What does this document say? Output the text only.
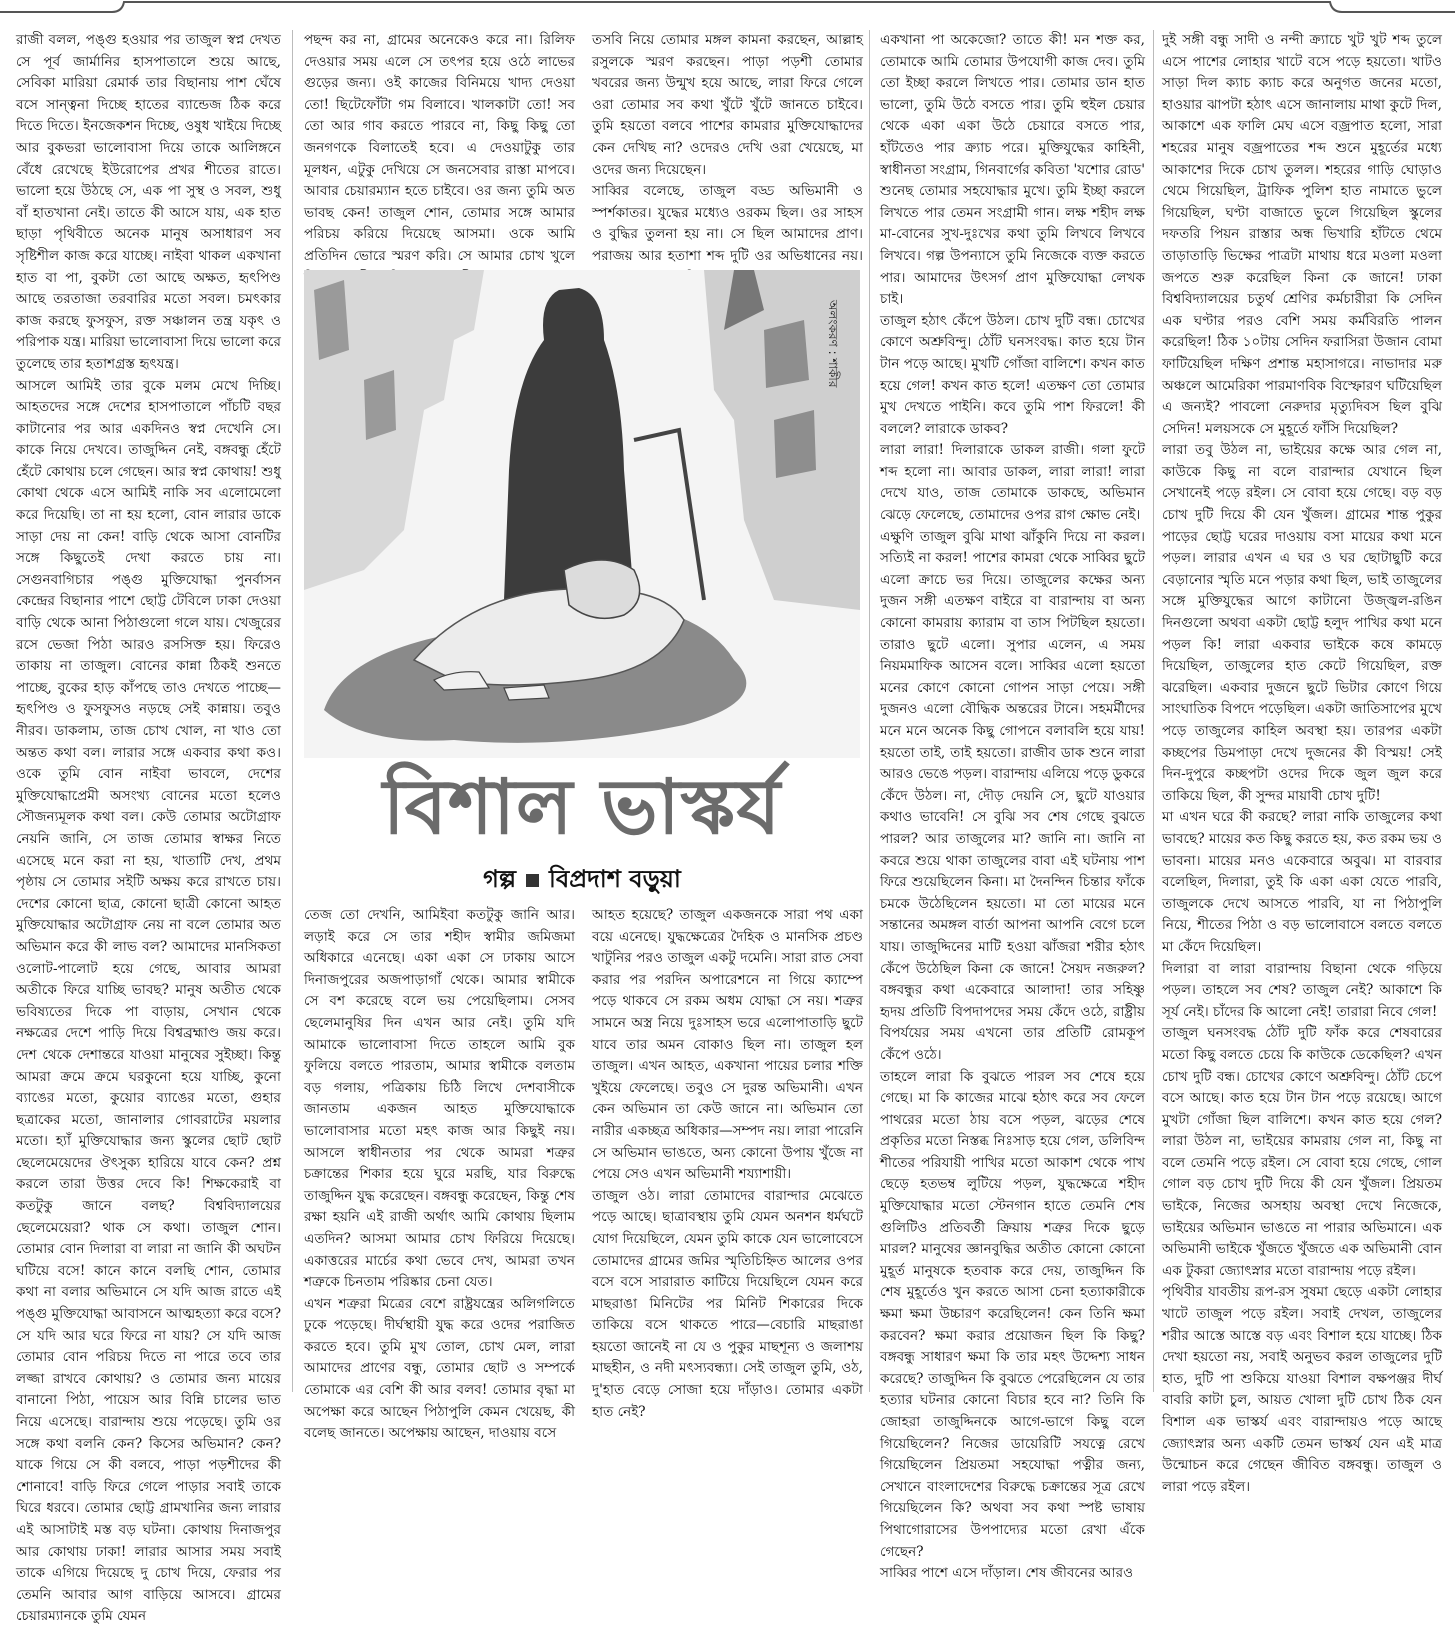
রাজী বলল, পঙ্গু হওয়ার পর তাজুল স্বপ্ন দেখত সে পূর্ব জার্মানির হাসপাতালে শুয়ে আছে, সেবিকা মারিয়া রেমার্ক তার বিছানায় পাশ ঘেঁষে বসে সান্ত্বনা দিচ্ছে হাতের ব্যান্ডেজ ঠিক করে দিতে দিতে। ইনজেকশন দিচ্ছে, ওষুধ খাইয়ে দিচ্ছে আর বুকভরা ভালোবাসা দিয়ে তাকে আলিঙ্গনে বেঁধে রেখেছে ইউরোপের প্রখর শীতের রাতে। ভালো হয়ে উঠছে সে, এক পা সুস্থ ও সবল, শুধু বাঁ হাতখানা নেই। তাতে কী আসে যায়, এক হাত ছাড়া পৃথিবীতে অনেক মানুষ অসাধারণ সব সৃষ্টিশীল কাজ করে যাচ্ছে। নাইবা থাকল একখানা হাত বা পা, বুকটা তো আছে অক্ষত, হৃৎপিণ্ড আছে তরতাজা তরবারির মতো সবল। চমৎকার কাজ করছে ফুসফুস, রক্ত সঞ্চালন তন্ত্র যকৃৎ ও পরিপাক যন্ত্র। মারিয়া ভালোবাসা দিয়ে ভালো করে তুলেছে তার হতাশগ্রস্ত হৃৎযন্ত্র।

আসলে আমিই তার বুকে মলম মেখে দিচ্ছি। আহতদের সঙ্গে দেশের হাসপাতালে পাঁচটি বছর কাটানোর পর আর একদিনও স্বপ্ন দেখেনি সে। কাকে নিয়ে দেখবে। তাজুদ্দিন নেই, বঙ্গবন্ধু হেঁটে হেঁটে কোথায় চলে গেছেন। আর স্বপ্ন কোথায়! শুধু কোথা থেকে এসে আমিই নাকি সব এলোমেলো করে দিয়েছি। তা না হয় হলো, বোন লারার ডাকে সাড়া দেয় না কেন! বাড়ি থেকে আসা বোনটির সঙ্গে কিছুতেই দেখা করতে চায় না। সেগুনবাগিচার পঙ্গু মুক্তিযোদ্ধা পুনর্বাসন কেন্দ্রের বিছানার পাশে ছোট্ট টেবিলে ঢাকা দেওয়া বাড়ি থেকে আনা পিঠাগুলো গলে যায়। খেজুরের রসে ভেজা পিঠা আরও রসসিক্ত হয়। ফিরেও তাকায় না তাজুল। বোনের কান্না ঠিকই শুনতে পাচ্ছে, বুকের হাড় কাঁপছে তাও দেখতে পাচ্ছে—হৃৎপিণ্ড ও ফুসফুসও নড়ছে সেই কান্নায়। তবুও নীরব। ডাকলাম, তাজ চোখ খোল, না খাও তো অন্তত কথা বল। লারার সঙ্গে একবার কথা কও। ওকে তুমি বোন নাইবা ভাবলে, দেশের মুক্তিযোদ্ধাপ্রেমী অসংখ্য বোনের মতো হলেও সৌজন্যমূলক কথা বল। কেউ তোমার অটোগ্রাফ নেয়নি জানি, সে তাজ তোমার স্বাক্ষর নিতে এসেছে মনে করা না হয়, খাতাটি দেখ, প্রথম পৃষ্ঠায় সে তোমার সইটি অক্ষয় করে রাখতে চায়। দেশের কোনো ছাত্র, কোনো ছাত্রী কোনো আহত মুক্তিযোদ্ধার অটোগ্রাফ নেয় না বলে তোমার অত অভিমান করে কী লাভ বল? আমাদের মানসিকতা ওলোট-পালোট হয়ে গেছে, আবার আমরা অতীকে ফিরে যাচ্ছি ভাবছ? মানুষ অতীত থেকে ভবিষ্যতের দিকে পা বাড়ায়, সেখান থেকে নক্ষত্রের দেশে পাড়ি দিয়ে বিশ্বব্রহ্মাণ্ড জয় করে। দেশ থেকে দেশান্তরে যাওয়া মানুষের সুইচ্ছা। কিন্তু আমরা ক্রমে ক্রমে ঘরকুনো হয়ে যাচ্ছি, কুনো ব্যাঙের মতো, কুয়োর ব্যাঙের মতো, গুহার ছত্রাকের মতো, জানালার গোবরাটের ময়লার মতো। হ্যাঁ মুক্তিযোদ্ধার জন্য স্কুলের ছোট ছোট ছেলেমেয়েদের ঔৎসুক্য হারিয়ে যাবে কেন? প্রশ্ন করলে তারা উত্তর দেবে কি! শিক্ষকেরাই বা কতটুকু জানে বলছ? বিশ্ববিদ্যালয়ের ছেলেমেয়েরা? থাক সে কথা। তাজুল শোন। তোমার বোন দিলারা বা লারা না জানি কী অঘটন ঘটিয়ে বসে! কানে কানে বলছি শোন, তোমার কথা না বলার অভিমানে সে যদি আজ রাতে এই পঙ্গু মুক্তিযোদ্ধা আবাসনে আত্মহত্যা করে বসে? সে যদি আর ঘরে ফিরে না যায়? সে যদি আজ তোমার বোন পরিচয় দিতে না পারে তবে তার লজ্জা রাখবে কোথায়? ও তোমার জন্য মায়ের বানানো পিঠা, পায়েস আর বিন্নি চালের ভাত নিয়ে এসেছে। বারান্দায় শুয়ে পড়েছে। তুমি ওর সঙ্গে কথা বলনি কেন? কিসের অভিমান? কেন? যাকে গিয়ে সে কী বলবে, পাড়া পড়শীদের কী শোনাবে! বাড়ি ফিরে গেলে পাড়ার সবাই তাকে ঘিরে ধরবে। তোমার ছোট্ট গ্রামখানির জন্য লারার এই আসাটাই মস্ত বড় ঘটনা। কোথায় দিনাজপুর আর কোথায় ঢাকা! লারার আসার সময় সবাই তাকে এগিয়ে দিয়েছে দু চোখ দিয়ে, ফেরার পর তেমনি আবার আগ বাড়িয়ে আসবে। গ্রামের চেয়ারম্যানকে তুমি যেমন

পছন্দ কর না, গ্রামের অনেকেও করে না। রিলিফ দেওয়ার সময় এলে সে তৎপর হয়ে ওঠে লাভের গুড়ের জন্য। ওই কাজের বিনিময়ে খাদ্য দেওয়া তো! ছিটেফোঁটা গম বিলাবে। খালকাটা তো! সব তো আর গাব করতে পারবে না, কিছু কিছু তো জনগণকে বিলাতেই হবে। এ দেওয়াটুকু তার মূলধন, এটুকু দেখিয়ে সে জনসেবার রাস্তা মাপবে। আবার চেয়ারম্যান হতে চাইবে। ওর জন্য তুমি অত ভাবছ কেন! তাজুল শোন, তোমার সঙ্গে আমার পরিচয় করিয়ে দিয়েছে আসমা। ওকে আমি প্রতিদিন ভোরে স্মরণ করি। সে আমার চোখ খুলে

তসবি নিয়ে তোমার মঙ্গল কামনা করছেন, আল্লাহ রসুলকে স্মরণ করছেন। পাড়া পড়শী তোমার খবরের জন্য উন্মুখ হয়ে আছে, লারা ফিরে গেলে ওরা তোমার সব কথা খুঁটে খুঁটে জানতে চাইবে। তুমি হয়তো বলবে পাশের কামরার মুক্তিযোদ্ধাদের কেন দেখিছ না? ওদেরও দেখি ওরা খেয়েছে, মা ওদের জন্য দিয়েছেন।

সাব্বির বলেছে, তাজুল বড্ড অভিমানী ও স্পর্শকাতর। যুদ্ধের মধ্যেও ওরকম ছিল। ওর সাহস ও বুদ্ধির তুলনা হয় না। সে ছিল আমাদের প্রাণ। পরাজয় আর হতাশা শব্দ দুটি ওর অভিধানের নয়।

অলংকরণ : শাকীর
বিশাল ভাস্কর্য
গল্প বিপ্রদাশ বড়ুয়া

তেজ তো দেখনি, আমিইবা কতটুকু জানি আর। লড়াই করে সে তার শহীদ স্বামীর জমিজমা অধিকারে এনেছে। একা একা সে ঢাকায় আসে দিনাজপুরের অজপাড়াগাঁ থেকে। আমার স্বামীকে সে বশ করেছে বলে ভয় পেয়েছিলাম। সেসব ছেলেমানুষির দিন এখন আর নেই। তুমি যদি আমাকে ভালোবাসা দিতে তাহলে আমি বুক ফুলিয়ে বলতে পারতাম, আমার স্বামীকে বলতাম বড় গলায়, পত্রিকায় চিঠি লিখে দেশবাসীকে জানতাম একজন আহত মুক্তিযোদ্ধাকে ভালোবাসার মতো মহৎ কাজ আর কিছুই নয়। আসলে স্বাধীনতার পর থেকে আমরা শত্রুর চক্রান্তের শিকার হয়ে ঘুরে মরছি, যার বিরুদ্ধে তাজুদ্দিন যুদ্ধ করেছেন। বঙ্গবন্ধু করেছেন, কিন্তু শেষ রক্ষা হয়নি এই রাজী অর্থাৎ আমি কোথায় ছিলাম এতদিন? আসমা আমার চোখ ফিরিয়ে দিয়েছে। একাত্তরের মার্চের কথা ভেবে দেখ, আমরা তখন শত্রুকে চিনতাম পরিষ্কার চেনা যেত।

এখন শত্রুরা মিত্রের বেশে রাষ্ট্রযন্ত্রের অলিগলিতে ঢুকে পড়েছে। দীর্ঘস্থায়ী যুদ্ধ করে ওদের পরাজিত করতে হবে। তুমি মুখ তোল, চোখ মেল, লারা আমাদের প্রাণের বন্ধু, তোমার ছোট ও সম্পর্কে তোমাকে এর বেশি কী আর বলব! তোমার বৃদ্ধা মা অপেক্ষা করে আছেন পিঠাপুলি কেমন খেয়েছ, কী বলেছ জানতে। অপেক্ষায় আছেন, দাওয়ায় বসে

আহত হয়েছে? তাজুল একজনকে সারা পথ একা বয়ে এনেছে। যুদ্ধক্ষেত্রের দৈহিক ও মানসিক প্রচণ্ড খাটুনির পরও তাজুল একটু দমেনি। সারা রাত সেবা করার পর পরদিন অপারেশনে না গিয়ে ক্যাম্পে পড়ে থাকবে সে রকম অধম যোদ্ধা সে নয়। শত্রুর সামনে অস্ত্র নিয়ে দুঃসাহস ভরে এলোপাতাড়ি ছুটে যাবে তার অমন বোকাও ছিল না। তাজুল হল তাজুল। এখন আহত, একখানা পায়ের চলার শক্তি খুইয়ে ফেলেছে। তবুও সে দুরন্ত অভিমানী। এখন কেন অভিমান তা কেউ জানে না। অভিমান তো নারীর একচ্ছত্র অধিকার—সম্পদ নয়। লারা পারেনি সে অভিমান ভাঙতে, অন্য কোনো উপায় খুঁজে না পেয়ে সেও এখন অভিমানী শয্যাশায়ী।

তাজুল ওঠ। লারা তোমাদের বারান্দার মেঝেতে পড়ে আছে। ছাত্রাবস্থায় তুমি যেমন অনশন ধর্মঘটে যোগ দিয়েছিলে, যেমন তুমি কাকে যেন ভালোবেসে তোমাদের গ্রামের জমির স্মৃতিচিহ্নিত আলের ওপর বসে বসে সারারাত কাটিয়ে দিয়েছিলে যেমন করে মাছরাঙা মিনিটের পর মিনিট শিকারের দিকে তাকিয়ে বসে থাকতে পারে—বেচারি মাছরাঙা হয়তো জানেই না যে ও পুকুর মাছশূন্য ও জলাশয় মাছহীন, ও নদী মৎস্যবন্ধ্যা। সেই তাজুল তুমি, ওঠ, দু'হাত বেড়ে সোজা হয়ে দাঁড়াও। তোমার একটা হাত নেই?

একখানা পা অকেজো? তাতে কী! মন শক্ত কর, তোমাকে আমি তোমার উপযোগী কাজ দেব। তুমি তো ইচ্ছা করলে লিখতে পার। তোমার ডান হাত ভালো, তুমি উঠে বসতে পার। তুমি হুইল চেয়ার থেকে একা একা উঠে চেয়ারে বসতে পার, হাঁটতেও পার ক্র্যাচ পরে। মুক্তিযুদ্ধের কাহিনী, স্বাধীনতা সংগ্রাম, গিনবার্গের কবিতা 'যশোর রোড' শুনেছ তোমার সহযোদ্ধার মুখে। তুমি ইচ্ছা করলে লিখতে পার তেমন সংগ্রামী গান। লক্ষ শহীদ লক্ষ মা-বোনের সুখ-দুঃখের কথা তুমি লিখবে লিখবে লিখবে। গল্প উপন্যাসে তুমি নিজেকে ব্যক্ত করতে পার। আমাদের উৎসর্গ প্রাণ মুক্তিযোদ্ধা লেখক চাই।

তাজুল হঠাৎ কেঁপে উঠল। চোখ দুটি বন্ধ। চোখের কোণে অশ্রুবিন্দু। ঠোঁট ঘনসংবদ্ধ। কাত হয়ে টান টান পড়ে আছে। মুখটি গোঁজা বালিশে। কখন কাত হয়ে গেল! কখন কাত হলে! এতক্ষণ তো তোমার মুখ দেখতে পাইনি। কবে তুমি পাশ ফিরলে! কী বললে? লারাকে ডাকব?

লারা লারা! দিলারাকে ডাকল রাজী। গলা ফুটে শব্দ হলো না। আবার ডাকল, লারা লারা! লারা দেখে যাও, তাজ তোমাকে ডাকছে, অভিমান ঝেড়ে ফেলেছে, তোমাদের ওপর রাগ ক্ষোভ নেই।

এক্ষুণি তাজুল বুঝি মাথা ঝাঁকুনি দিয়ে না করল। সত্যিই না করল! পাশের কামরা থেকে সাব্বির ছুটে এলো ক্রাচে ভর দিয়ে। তাজুলের কক্ষের অন্য দুজন সঙ্গী এতক্ষণ বাইরে বা বারান্দায় বা অন্য কোনো কামরায় ক্যারাম বা তাস পিটছিল হয়তো। তারাও ছুটে এলো। সুপার এলেন, এ সময় নিয়মমাফিক আসেন বলে। সাব্বির এলো হয়তো মনের কোণে কোনো গোপন সাড়া পেয়ে। সঙ্গী দুজনও এলো বৌদ্ধিক অন্তরের টানে। সহমর্মীদের মনে মনে অনেক কিছু গোপনে বলাবলি হয়ে যায়! হয়তো তাই, তাই হয়তো। রাজীব ডাক শুনে লারা আরও ভেঙে পড়ল। বারান্দায় এলিয়ে পড়ে ডুকরে কেঁদে উঠল। না, দৌড় দেয়নি সে, ছুটে যাওয়ার কথাও ভাবেনি! সে বুঝি সব শেষ গেছে বুঝতে পারল? আর তাজুলের মা? জানি না। জানি না কবরে শুয়ে থাকা তাজুলের বাবা এই ঘটনায় পাশ ফিরে শুয়েছিলেন কিনা। মা দৈনন্দিন চিন্তার ফাঁকে চমকে উঠেছিলেন হয়তো। মা তো মায়ের মনে সন্তানের অমঙ্গল বার্তা আপনা আপনি বেগে চলে যায়। তাজুদ্দিনের মাটি হওয়া ঝাঁজরা শরীর হঠাৎ কেঁপে উঠেছিল কিনা কে জানে! সৈয়দ নজরুল? বঙ্গবন্ধুর কথা একেবারে আলাদা! তার সহিষ্ণু হৃদয় প্রতিটি বিপদাপদের সময় কেঁদে ওঠে, রাষ্ট্রীয় বিপর্যয়ের সময় এখনো তার প্রতিটি রোমকূপ কেঁপে ওঠে।

তাহলে লারা কি বুঝতে পারল সব শেষে হয়ে গেছে। মা কি কাজের মাঝে হঠাৎ করে সব ফেলে পাথরের মতো ঠায় বসে পড়ল, ঝড়ের শেষে প্রকৃতির মতো নিস্তব্ধ নিঃসাড় হয়ে গেল, ডলিবিন্দ শীতের পরিযায়ী পাখির মতো আকাশ থেকে পাখ ছেড়ে হতভম্ব লুটিয়ে পড়ল, যুদ্ধক্ষেত্রে শহীদ মুক্তিযোদ্ধার মতো স্টেনগান হাতে তেমনি শেষ গুলিটিও প্রতিবর্তী ক্রিয়ায় শত্রুর দিকে ছুড়ে মারল? মানুষের জ্ঞানবুদ্ধির অতীত কোনো কোনো মুহূর্ত মানুষকে হতবাক করে দেয়, তাজুদ্দিন কি শেষ মুহূর্তেও খুন করতে আসা চেনা হত্যাকারীকে ক্ষমা ক্ষমা উচ্চারণ করেছিলেন! কেন তিনি ক্ষমা করবেন? ক্ষমা করার প্রয়োজন ছিল কি কিছু? বঙ্গবন্ধু সাধারণ ক্ষমা কি তার মহৎ উদ্দেশ্য সাধন করেছে? তাজুদ্দিন কি বুঝতে পেরেছিলেন যে তার হত্যার ঘটনার কোনো বিচার হবে না? তিনি কি জোহরা তাজুদ্দিনকে আগে-ভাগে কিছু বলে গিয়েছিলেন? নিজের ডায়েরিটি সযত্নে রেখে গিয়েছিলেন প্রিয়তমা সহযোদ্ধা পত্নীর জন্য, সেখানে বাংলাদেশের বিরুদ্ধে চক্রান্তের সূত্র রেখে গিয়েছিলেন কি? অথবা সব কথা স্পষ্ট ভাষায় পিথাগোরাসের উপপাদ্যের মতো রেখা এঁকে গেছেন?

সাব্বির পাশে এসে দাঁড়াল। শেষ জীবনের আরও

দুই সঙ্গী বন্ধু সাদী ও নন্দী ক্র্যাচে খুট খুট শব্দ তুলে এসে পাশের লোহার খাটে বসে পড়ে হয়তো। খাটও সাড়া দিল ক্যাচ ক্যাচ করে অনুগত জনের মতো, হাওয়ার ঝাপটা হঠাৎ এসে জানালায় মাথা কুটে দিল, আকাশে এক ফালি মেঘ এসে বজ্রপাত হলো, সারা শহরের মানুষ বজ্রপাতের শব্দ শুনে মুহূর্তের মধ্যে আকাশের দিকে চোখ তুলল। শহরের গাড়ি ঘোড়াও থেমে গিয়েছিল, ট্রাফিক পুলিশ হাত নামাতে ভুলে গিয়েছিল, ঘণ্টা বাজাতে ভুলে গিয়েছিল স্কুলের দফতরি পিয়ন রাস্তার অন্ধ ভিখারি হাঁটতে থেমে তাড়াতাড়ি ভিক্ষের পাত্রটা মাথায় ধরে মওলা মওলা জপতে শুরু করেছিল কিনা কে জানে! ঢাকা বিশ্ববিদ্যালয়ের চতুর্থ শ্রেণির কর্মচারীরা কি সেদিন এক ঘণ্টার পরও বেশি সময় কর্মবিরতি পালন করেছিল! ঠিক ১০টায় সেদিন ফরাসিরা উজান বোমা ফাটিয়েছিল দক্ষিণ প্রশান্ত মহাসাগরে। নাভাদার মরু অঞ্চলে আমেরিকা পারমাণবিক বিস্ফোরণ ঘটিয়েছিল এ জন্যই? পাবলো নেরুদার মৃত্যুদিবস ছিল বুঝি সেদিন! মলয়সকে সে মুহূর্তে ফাঁসি দিয়েছিল?

লারা তবু উঠল না, ভাইয়ের কক্ষে আর গেল না, কাউকে কিছু না বলে বারান্দার যেখানে ছিল সেখানেই পড়ে রইল। সে বোবা হয়ে গেছে। বড় বড় চোখ দুটি দিয়ে কী যেন খুঁজল। গ্রামের শান্ত পুকুর পাড়ের ছোট্ট ঘরের দাওয়ায় বসা মায়ের কথা মনে পড়ল। লারার এখন এ ঘর ও ঘর ছোটাছুটি করে বেড়ানোর স্মৃতি মনে পড়ার কথা ছিল, ভাই তাজুলের সঙ্গে মুক্তিযুদ্ধের আগে কাটানো উজ্জ্বল-রঙিন দিনগুলো অথবা একটা ছোট্ট হলুদ পাখির কথা মনে পড়ল কি! লারা একবার ভাইকে কষে কামড়ে দিয়েছিল, তাজুলের হাত কেটে গিয়েছিল, রক্ত ঝরেছিল। একবার দুজনে ছুটে ভিটার কোণে গিয়ে সাংঘাতিক বিপদে পড়েছিল। একটা জাতিসাপের মুখে পড়ে তাজুলের কাহিল অবস্থা হয়। তারপর একটা কচ্ছপের ডিমপাড়া দেখে দুজনের কী বিস্ময়! সেই দিন-দুপুরে কচ্ছপটা ওদের দিকে জুল জুল করে তাকিয়ে ছিল, কী সুন্দর মায়াবী চোখ দুটি!

মা এখন ঘরে কী করছে? লারা নাকি তাজুলের কথা ভাবছে? মায়ের কত কিছু করতে হয়, কত রকম ভয় ও ভাবনা। মায়ের মনও একেবারে অবুঝ। মা বারবার বলেছিল, দিলারা, তুই কি একা একা যেতে পারবি, তাজুলকে দেখে আসতে পারবি, যা না পিঠাপুলি নিয়ে, শীতের পিঠা ও বড় ভালোবাসে বলতে বলতে মা কেঁদে দিয়েছিল।

দিলারা বা লারা বারান্দায় বিছানা থেকে গড়িয়ে পড়ল। তাহলে সব শেষ? তাজুল নেই? আকাশে কি সূর্য নেই। চাঁদের কি আলো নেই! তারারা নিবে গেল!

তাজুল ঘনসংবদ্ধ ঠোঁট দুটি ফাঁক করে শেষবারের মতো কিছু বলতে চেয়ে কি কাউকে ডেকেছিল? এখন চোখ দুটি বন্ধ। চোখের কোণে অশ্রুবিন্দু। ঠোঁট চেপে বসে আছে। কাত হয়ে টান টান পড়ে রয়েছে। আগে মুখটা গোঁজা ছিল বালিশে। কখন কাত হয়ে গেল? লারা উঠল না, ভাইয়ের কামরায় গেল না, কিছু না বলে তেমনি পড়ে রইল। সে বোবা হয়ে গেছে, গোল গোল বড় চোখ দুটি দিয়ে কী যেন খুঁজল। প্রিয়তম ভাইকে, নিজের অসহায় অবস্থা দেখে নিজেকে, ভাইয়ের অভিমান ভাঙতে না পারার অভিমানে। এক অভিমানী ভাইকে খুঁজতে খুঁজতে এক অভিমানী বোন এক টুকরা জ্যোৎস্নার মতো বারান্দায় পড়ে রইল।

পৃথিবীর যাবতীয় রূপ-রস সুষমা ছেড়ে একটা লোহার খাটে তাজুল পড়ে রইল। সবাই দেখল, তাজুলের শরীর আস্তে আস্তে বড় এবং বিশাল হয়ে যাচ্ছে। ঠিক দেখা হয়তো নয়, সবাই অনুভব করল তাজুলের দুটি হাত, দুটি পা শুকিয়ে যাওয়া বিশাল বক্ষপঞ্জর দীর্ঘ বাবরি কাটা চুল, আয়ত খোলা দুটি চোখ ঠিক যেন বিশাল এক ভাস্কর্য এবং বারান্দায়ও পড়ে আছে জ্যোৎস্নার অন্য একটি তেমন ভাস্কর্য যেন এই মাত্র উন্মোচন করে গেছেন জীবিত বঙ্গবন্ধু। তাজুল ও লারা পড়ে রইল।
